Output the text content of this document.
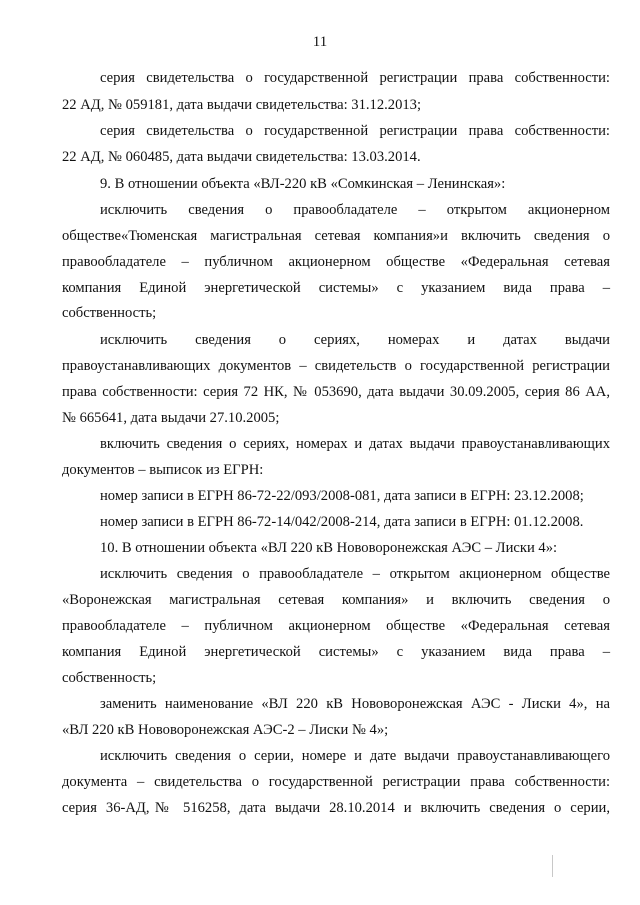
11
серия свидетельства о государственной регистрации права собственности:
22 АД, № 059181, дата выдачи свидетельства: 31.12.2013;
серия свидетельства о государственной регистрации права собственности:
22 АД, № 060485, дата выдачи свидетельства: 13.03.2014.
9. В отношении объекта «ВЛ-220 кВ «Сомкинская – Ленинская»:
исключить сведения о правообладателе – открытом акционерном
обществе«Тюменская магистральная сетевая компания»и включить сведения о
правообладателе – публичном акционерном обществе «Федеральная сетевая
компания Единой энергетической системы» с указанием вида права –
собственность;
исключить сведения о сериях, номерах и датах выдачи
правоустанавливающих документов – свидетельств о государственной регистрации
права собственности: серия 72 НК, № 053690, дата выдачи 30.09.2005, серия 86 АА,
№ 665641, дата выдачи 27.10.2005;
включить сведения о сериях, номерах и датах выдачи правоустанавливающих
документов – выписок из ЕГРН:
номер записи в ЕГРН 86-72-22/093/2008-081, дата записи в ЕГРН: 23.12.2008;
номер записи в ЕГРН 86-72-14/042/2008-214, дата записи в ЕГРН: 01.12.2008.
10. В отношении объекта «ВЛ 220 кВ Нововоронежская АЭС – Лиски 4»:
исключить сведения о правообладателе – открытом акционерном обществе
«Воронежская магистральная сетевая компания» и включить сведения о
правообладателе – публичном акционерном обществе «Федеральная сетевая
компания Единой энергетической системы» с указанием вида права –
собственность;
заменить наименование «ВЛ 220 кВ Нововоронежская АЭС - Лиски 4», на
«ВЛ 220 кВ Нововоронежская АЭС-2 – Лиски № 4»;
исключить сведения о серии, номере и дате выдачи правоустанавливающего
документа – свидетельства о государственной регистрации права собственности:
серия 36-АД,№ 516258, дата выдачи 28.10.2014 и включить сведения о серии,
